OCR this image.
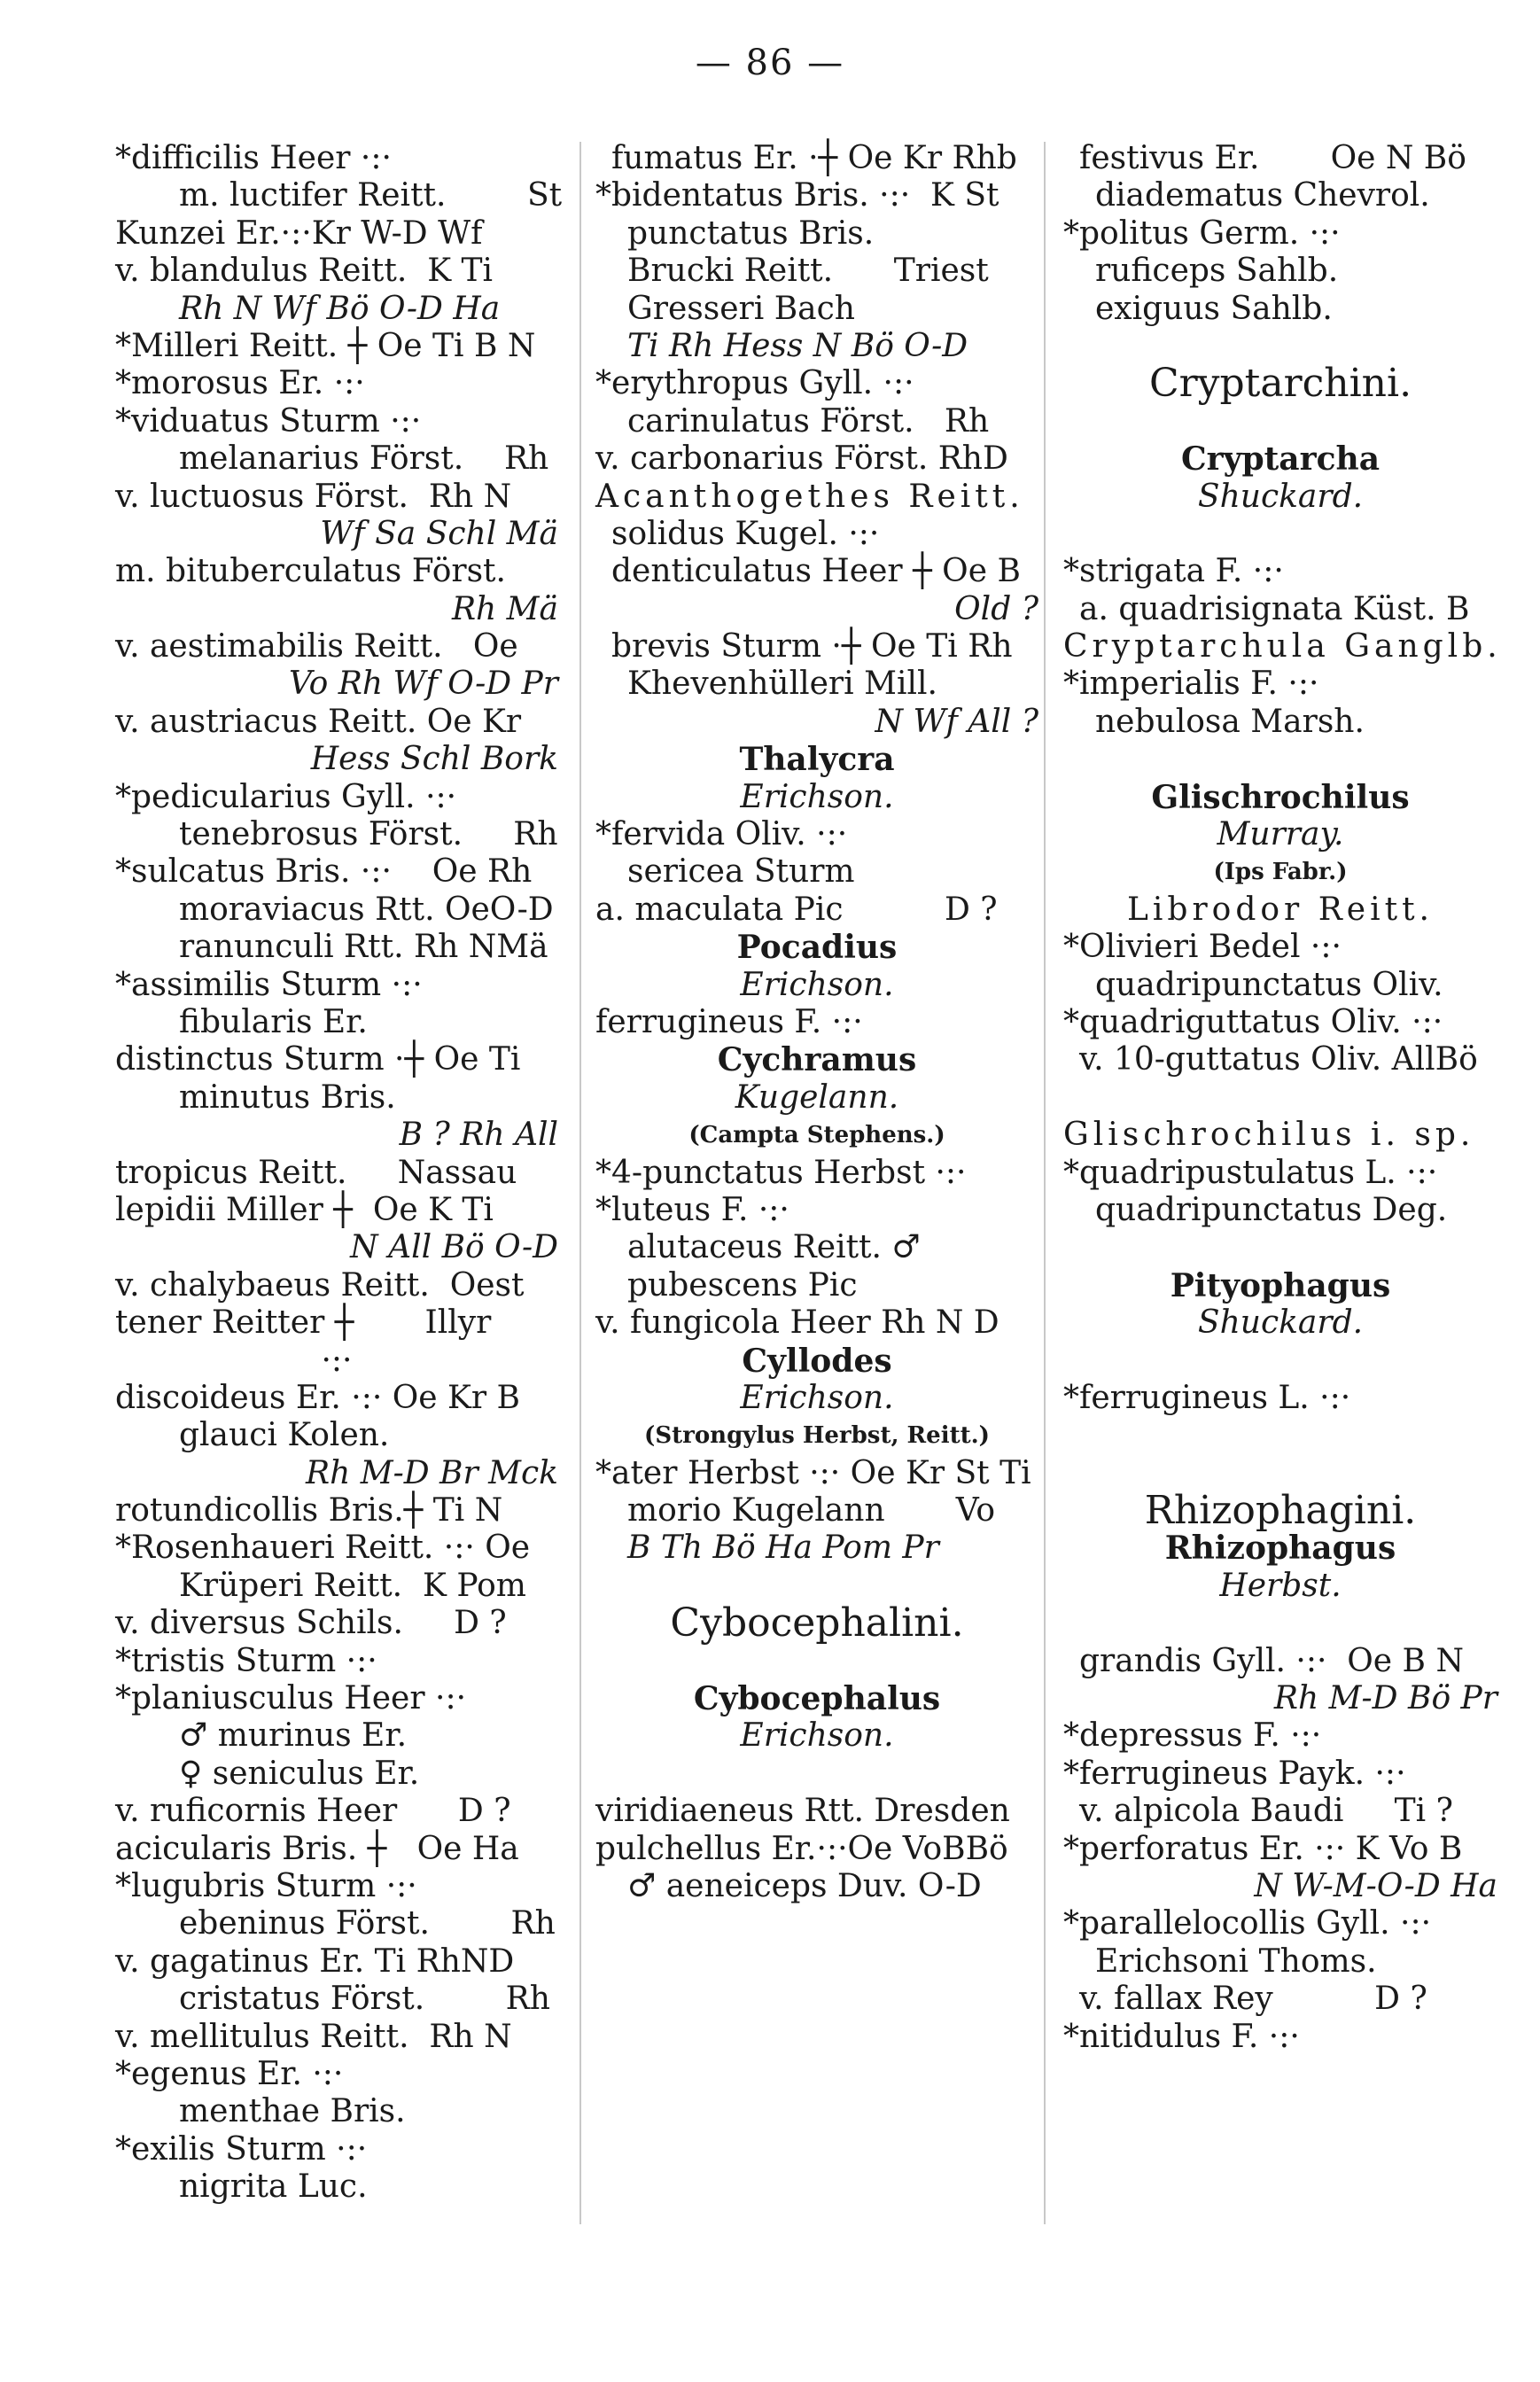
— 86 —
*difficilis Heer ·:·
m. luctifer Reitt.        St
Kunzei Er.·:·Kr W-D Wf
v. blandulus Reitt.  K Ti
Rh N Wf Bö O-D Ha
*Milleri Reitt. ┼ Oe Ti B N
*morosus Er. ·:·
*viduatus Sturm ·:·
melanarius Först.    Rh
v. luctuosus Först.  Rh N
Wf Sa Schl Mä
m. bituberculatus Först.
Rh Mä
v. aestimabilis Reitt.   Oe
Vo Rh Wf O-D Pr
v. austriacus Reitt. Oe Kr
Hess Schl Bork
*pedicularius Gyll. ·:·
tenebrosus Först.     Rh
*sulcatus Bris. ·:·    Oe Rh
moraviacus Rtt. OeO-D
ranunculi Rtt. Rh NMä
*assimilis Sturm ·:·
fibularis Er.
distinctus Sturm ·┼ Oe Ti
minutus Bris.
B ? Rh All
tropicus Reitt.     Nassau
lepidii Miller ┼  Oe K Ti
N All Bö O-D
v. chalybaeus Reitt.  Oest
tener Reitter ┼       Illyr
·:·
discoideus Er. ·:· Oe Kr B
glauci Kolen.
Rh M-D Br Mck
rotundicollis Bris.┼ Ti N
*Rosenhaueri Reitt. ·:· Oe
Krüperi Reitt.  K Pom
v. diversus Schils.     D ?
*tristis Sturm ·:·
*planiusculus Heer ·:·
♂ murinus Er.
♀ seniculus Er.
v. ruficornis Heer      D ?
acicularis Bris. ┼   Oe Ha
*lugubris Sturm ·:·
ebeninus Först.        Rh
v. gagatinus Er. Ti RhND
cristatus Först.        Rh
v. mellitulus Reitt.  Rh N
*egenus Er. ·:·
menthae Bris.
*exilis Sturm ·:·
nigrita Luc.
fumatus Er. ·┼ Oe Kr Rhb
*bidentatus Bris. ·:·  K St
punctatus Bris.
Brucki Reitt.      Triest
Gresseri Bach
Ti Rh Hess N Bö O-D
*erythropus Gyll. ·:·
carinulatus Först.   Rh
v. carbonarius Först. RhD
Acanthogethes Reitt.
solidus Kugel. ·:·
denticulatus Heer ┼ Oe B
Old ?
brevis Sturm ·┼ Oe Ti Rh
Khevenhülleri Mill.
N Wf All ?
Thalycra
Erichson.
*fervida Oliv. ·:·
sericea Sturm
a. maculata Pic          D ?
Pocadius
Erichson.
ferrugineus F. ·:·
Cychramus
Kugelann.
(Campta Stephens.)
*4-punctatus Herbst ·:·
*luteus F. ·:·
alutaceus Reitt. ♂
pubescens Pic
v. fungicola Heer Rh N D
Cyllodes
Erichson.
(Strongylus Herbst, Reitt.)
*ater Herbst ·:· Oe Kr St Ti
morio Kugelann       Vo
B Th Bö Ha Pom Pr
Cybocephalini.
Cybocephalus
Erichson.
viridiaeneus Rtt. Dresden
pulchellus Er.·:·Oe VoBBö
♂ aeneiceps Duv. O-D
festivus Er.       Oe N Bö
diadematus Chevrol.
*politus Germ. ·:·
ruficeps Sahlb.
exiguus Sahlb.
Cryptarchini.
Cryptarcha
Shuckard.
*strigata F. ·:·
a. quadrisignata Küst. B
Cryptarchula Ganglb.
*imperialis F. ·:·
nebulosa Marsh.
Glischrochilus
Murray.
(Ips Fabr.)
Librodor Reitt.
*Olivieri Bedel ·:·
quadripunctatus Oliv.
*quadriguttatus Oliv. ·:·
v. 10-guttatus Oliv. AllBö
Glischrochilus i. sp.
*quadripustulatus L. ·:·
quadripunctatus Deg.
Pityophagus
Shuckard.
*ferrugineus L. ·:·
Rhizophagini.
Rhizophagus
Herbst.
grandis Gyll. ·:·  Oe B N
Rh M-D Bö Pr
*depressus F. ·:·
*ferrugineus Payk. ·:·
v. alpicola Baudi     Ti ?
*perforatus Er. ·:· K Vo B
N W-M-O-D Ha
*parallelocollis Gyll. ·:·
Erichsoni Thoms.
v. fallax Rey          D ?
*nitidulus F. ·:·
